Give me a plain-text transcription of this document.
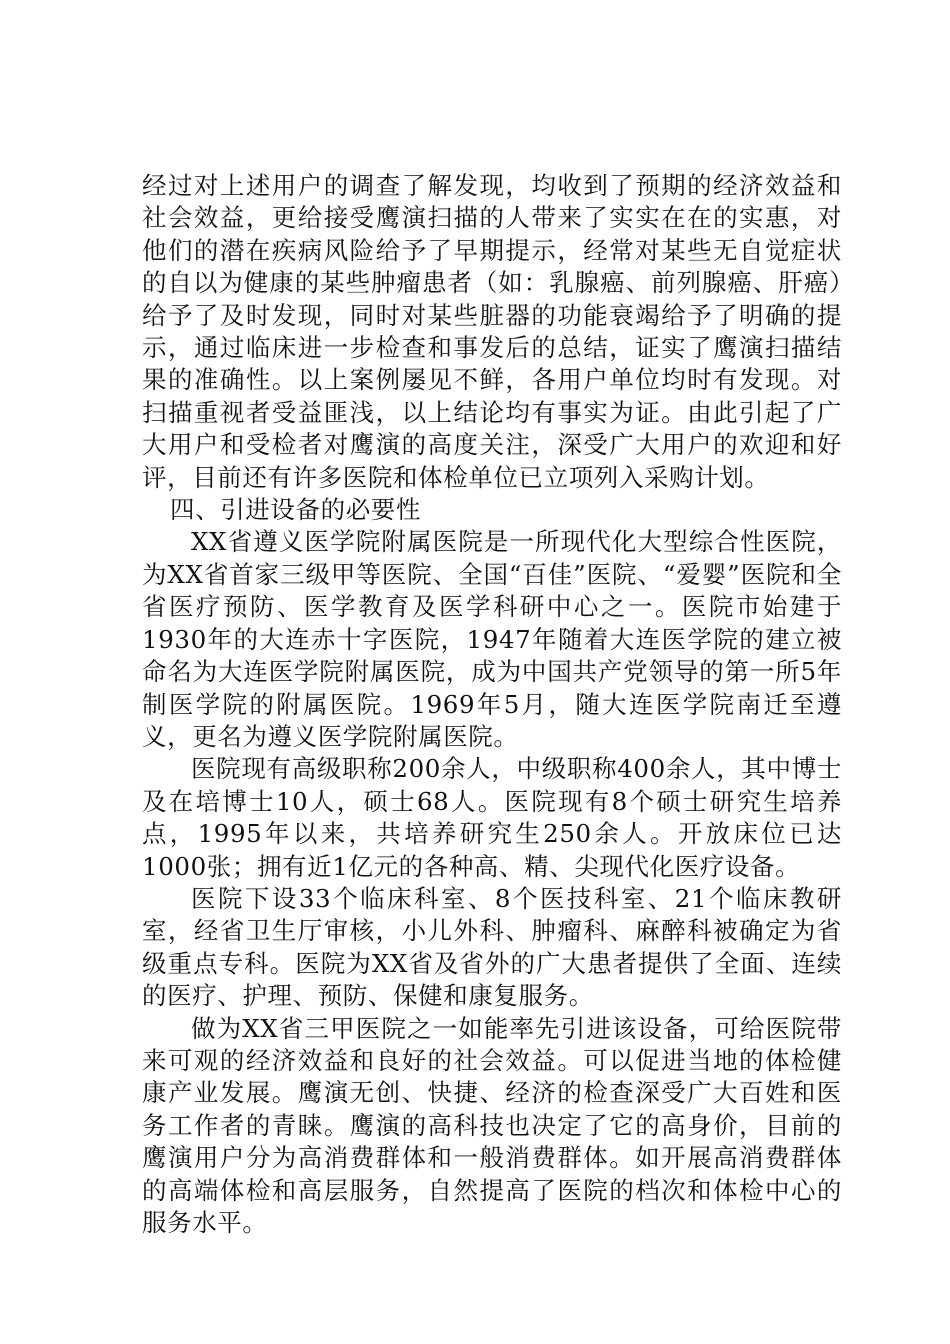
经过对上述用户的调查了解发现，均收到了预期的经济效益和社会效益，更给接受鹰演扫描的人带来了实实在在的实惠，对他们的潜在疾病风险给予了早期提示，经常对某些无自觉症状的自以为健康的某些肿瘤患者（如：乳腺癌、前列腺癌、肝癌）给予了及时发现，同时对某些脏器的功能衰竭给予了明确的提示，通过临床进一步检查和事发后的总结，证实了鹰演扫描结果的准确性。以上案例屡见不鲜，各用户单位均时有发现。对扫描重视者受益匪浅，以上结论均有事实为证。由此引起了广大用户和受检者对鹰演的高度关注，深受广大用户的欢迎和好评，目前还有许多医院和体检单位已立项列入采购计划。

四、引进设备的必要性

XX省遵义医学院附属医院是一所现代化大型综合性医院，为XX省首家三级甲等医院、全国“百佳”医院、“爱婴”医院和全省医疗预防、医学教育及医学科研中心之一。医院市始建于1930年的大连赤十字医院，1947年随着大连医学院的建立被命名为大连医学院附属医院，成为中国共产党领导的第一所5年制医学院的附属医院。1969年5月，随大连医学院南迁至遵义，更名为遵义医学院附属医院。

医院现有高级职称200余人，中级职称400余人，其中博士及在培博士10人，硕士68人。医院现有8个硕士研究生培养点，1995年以来，共培养研究生250余人。开放床位已达1000张；拥有近1亿元的各种高、精、尖现代化医疗设备。

医院下设33个临床科室、8个医技科室、21个临床教研室，经省卫生厅审核，小儿外科、肿瘤科、麻醉科被确定为省级重点专科。医院为XX省及省外的广大患者提供了全面、连续的医疗、护理、预防、保健和康复服务。

做为XX省三甲医院之一如能率先引进该设备，可给医院带来可观的经济效益和良好的社会效益。可以促进当地的体检健康产业发展。鹰演无创、快捷、经济的检查深受广大百姓和医务工作者的青睐。鹰演的高科技也决定了它的高身价，目前的鹰演用户分为高消费群体和一般消费群体。如开展高消费群体的高端体检和高层服务，自然提高了医院的档次和体检中心的服务水平。
